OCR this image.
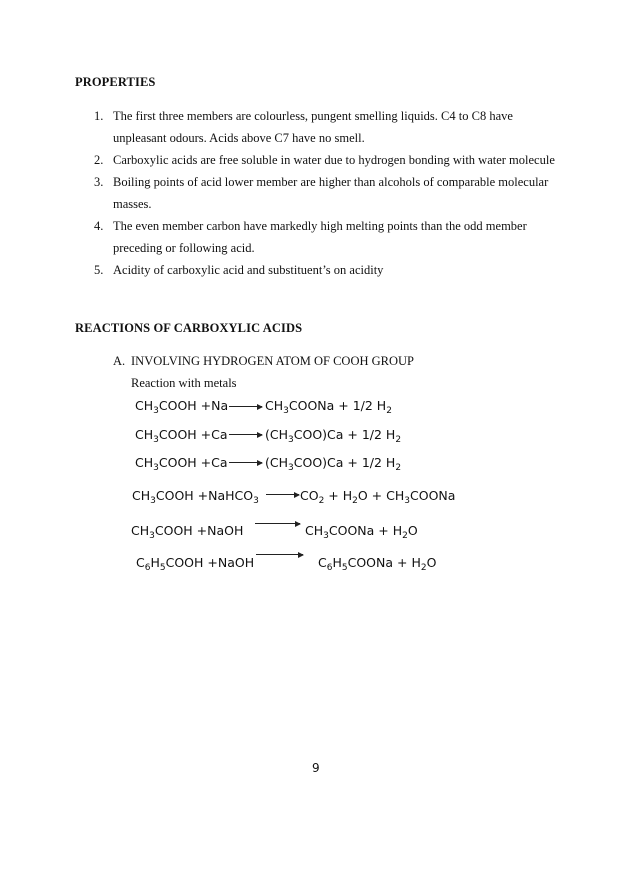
PROPERTIES
1. The first three members are colourless, pungent smelling liquids. C4 to C8 have
unpleasant odours. Acids above C7 have no smell.
2. Carboxylic acids are free soluble in water due to hydrogen bonding with water molecule
3. Boiling points of acid lower member are higher than alcohols of comparable molecular
masses.
4. The even member carbon have markedly high melting points than the odd member
preceding or following acid.
5. Acidity of carboxylic acid and substituent’s on acidity
REACTIONS OF CARBOXYLIC ACIDS
A. INVOLVING HYDROGEN ATOM OF COOH GROUP
Reaction with metals
$CH_3COOH +Na$ → $CH_3COONa + 1/2$ $H_2$
$CH_3COOH +Ca \to (CH_3COO)Ca + 1/2$ $H_2$
$CH_3COOH +Ca \to (CH_3COO)Ca + 1/2$ $H_2$
$CH_3COOH$ +NaHCO$_3$ → $CO_2 + H_2O$ + $CH_3COONa$
$CH_3COOH$ +NaOH → $CH_3COONa + H_2O$
$C_6H_5COOH$ +NaOH	$C_6H_5COONa + H_2O$
9
